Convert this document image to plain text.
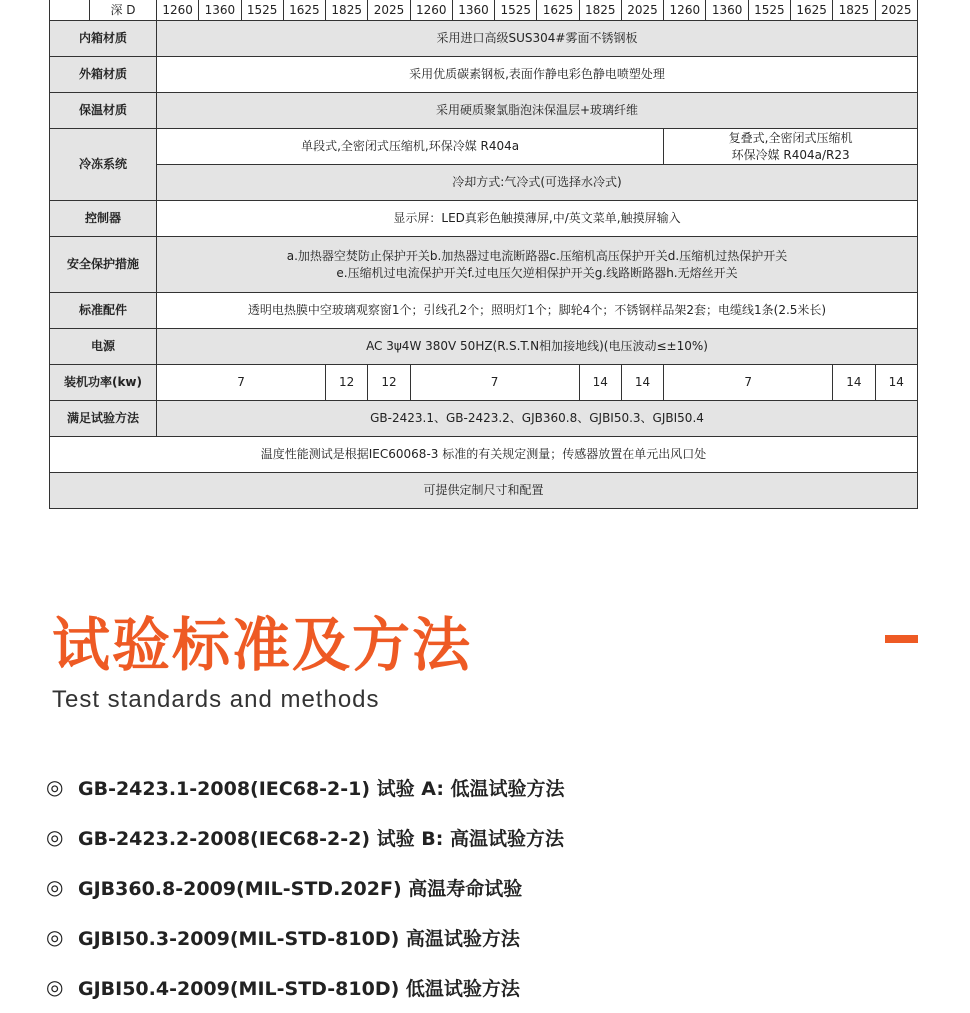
	深 D	1260	1360	1525	1625	1825	2025	1260	1360	1525	1625	1825	2025	1260	1360	1525	1625	1825	2025
内箱材质		采用进口高级SUS304#雾面不锈钢板																	
外箱材质		采用优质碳素钢板,表面作静电彩色静电喷塑处理																	
保温材质		采用硬质聚氯脂泡沫保温层+玻璃纤维																	
冷冻系统		单段式,全密闭式压缩机,环保冷媒 R404a												复叠式,全密闭式压缩机
环保冷媒 R404a/R23					

		冷却方式:气冷式(可选择水冷式)																	
控制器		显示屏：LED真彩色触摸薄屏,中/英文菜单,触摸屏输入																	
安全保护措施		a.加热器空焚防止保护开关b.加热器过电流断路器c.压缩机高压保护开关d.压缩机过热保护开关
e.压缩机过电流保护开关f.过电压欠逆相保护开关g.线路断路器h.无熔丝开关																	

标准配件		透明电热膜中空玻璃观察窗1个；引线孔2个；照明灯1个；脚轮4个；不锈钢样品架2套；电缆线1条(2.5米长)																	
电源		AC 3ψ4W 380V 50HZ(R.S.T.N相加接地线)(电压波动≤±10%)																	
装机功率(kw)		7				12	12	7				14	14	7				14	14
满足试验方法		GB-2423.1、GB-2423.2、GJB360.8、GJBI50.3、GJBI50.4																	
温度性能测试是根据IEC60068-3 标准的有关规定测量；传感器放置在单元出风口处																			
可提供定制尺寸和配置																			
试验标准及方法

Test standards and methods

◎ GB-2423.1-2008(IEC68-2-1) 试验 A: 低温试验方法
◎ GB-2423.2-2008(IEC68-2-2) 试验 B: 高温试验方法
◎ GJB360.8-2009(MIL-STD.202F) 高温寿命试验
◎ GJBI50.3-2009(MIL-STD-810D) 高温试验方法
◎ GJBI50.4-2009(MIL-STD-810D) 低温试验方法
